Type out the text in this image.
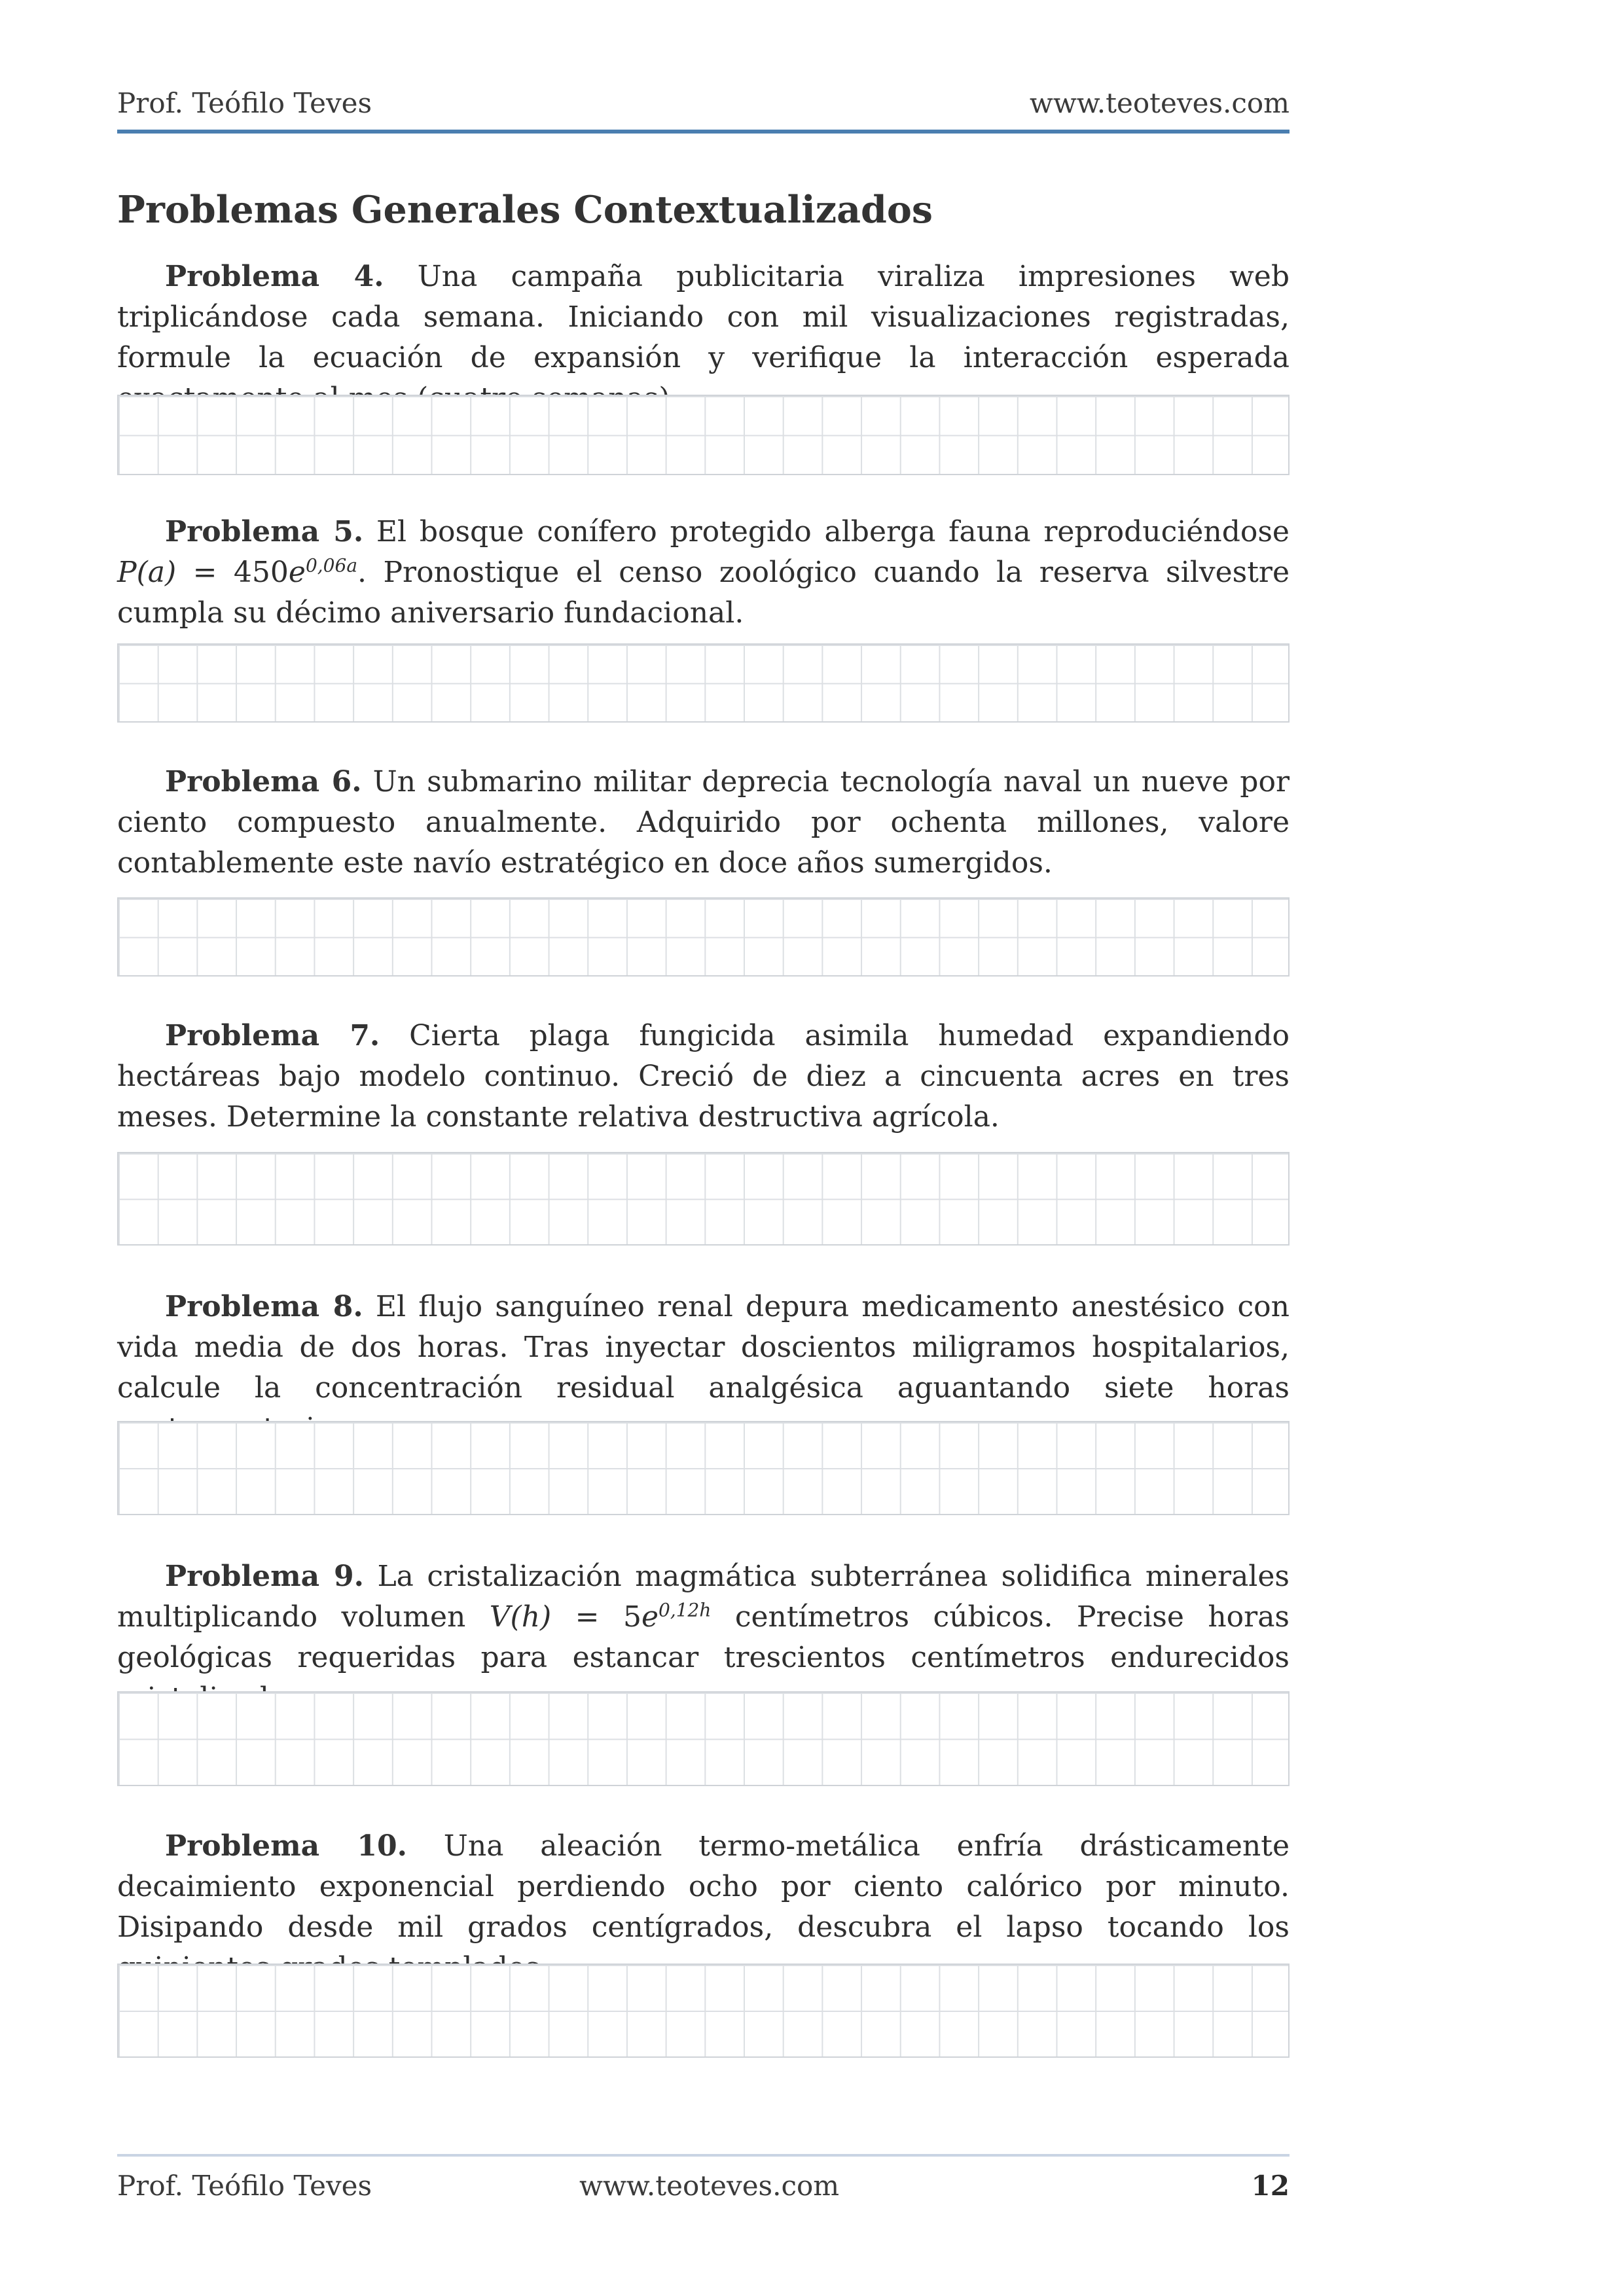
Prof. Teófilo Teves	www.teoteves.com
Problemas Generales Contextualizados

Problema 4. Una campaña publicitaria viraliza impresiones web triplicándose cada semana. Iniciando con mil visualizaciones registradas, formule la ecuación de expansión y verifique la interacción esperada

Problema 5. El bosque conífero protegido alberga fauna reproduciéndose $P(a) = 450e^{0,06a}$. Pronostique el censo zoológico cuando la reserva silvestre cumpla su décimo aniversario fundacional.

Problema 6. Un submarino militar deprecia tecnología naval un nueve por ciento compuesto anualmente. Adquirido por ochenta millones, valore contablemente este navío estratégico en doce años sumergidos.

Problema 7. Cierta plaga fungicida asimila humedad expandiendo hectáreas bajo modelo continuo. Creció de diez a cincuenta acres en tres meses. Determine la constante relativa destructiva agrícola.

Problema 8. El flujo sanguíneo renal depura medicamento anestésico con vida media de dos horas. Tras inyectar doscientos miligramos hospitalarios, calcule la concentración residual analgésica aguantando siete horas

Problema 9. La cristalización magmática subterránea solidifica minerales multiplicando volumen $V(h) = 5e^{0,12h}$ centímetros cúbicos. Precise horas geológicas requeridas para estancar trescientos centímetros endurecidos

Problema 10. Una aleación termo-metálica enfría drásticamente decaimiento exponencial perdiendo ocho por ciento calórico por minuto. Disipando desde mil grados centígrados, descubra el lapso tocando los

Prof. Teófilo Teves	www.teoteves.com	12
